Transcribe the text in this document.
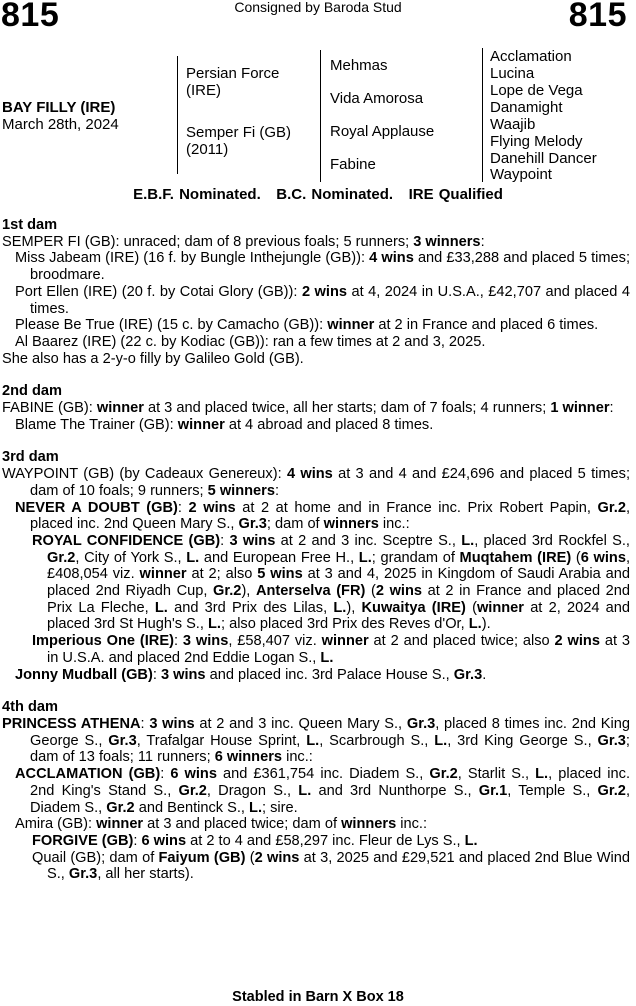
815	Consigned by Baroda Stud	815
BAY FILLY (IRE)
March 28th, 2024
Persian Force (IRE)
Semper Fi (GB) (2011)
Mehmas
Vida Amorosa
Royal Applause
Fabine
Acclamation
Lucina
Lope de Vega
Danamight
Waajib
Flying Melody
Danehill Dancer
Waypoint
E.B.F. Nominated.   B.C. Nominated.   IRE Qualified
1st dam

SEMPER FI (GB): unraced; dam of 8 previous foals; 5 runners; 3 winners:

Miss Jabeam (IRE) (16 f. by Bungle Inthejungle (GB)): 4 wins and £33,288 and placed 5 times; broodmare.

Port Ellen (IRE) (20 f. by Cotai Glory (GB)): 2 wins at 4, 2024 in U.S.A., £42,707 and placed 4 times.

Please Be True (IRE) (15 c. by Camacho (GB)): winner at 2 in France and placed 6 times.

Al Baarez (IRE) (22 c. by Kodiac (GB)): ran a few times at 2 and 3, 2025.

She also has a 2-y-o filly by Galileo Gold (GB).

2nd dam

FABINE (GB): winner at 3 and placed twice, all her starts; dam of 7 foals; 4 runners; 1 winner:

Blame The Trainer (GB): winner at 4 abroad and placed 8 times.

3rd dam

WAYPOINT (GB) (by Cadeaux Genereux): 4 wins at 3 and 4 and £24,696 and placed 5 times; dam of 10 foals; 9 runners; 5 winners:

NEVER A DOUBT (GB): 2 wins at 2 at home and in France inc. Prix Robert Papin, Gr.2, placed inc. 2nd Queen Mary S., Gr.3; dam of winners inc.:

ROYAL CONFIDENCE (GB): 3 wins at 2 and 3 inc. Sceptre S., L., placed 3rd Rockfel S., Gr.2, City of York S., L. and European Free H., L.; grandam of Muqtahem (IRE) (6 wins, £408,054 viz. winner at 2; also 5 wins at 3 and 4, 2025 in Kingdom of Saudi Arabia and placed 2nd Riyadh Cup, Gr.2), Anterselva (FR) (2 wins at 2 in France and placed 2nd Prix La Fleche, L. and 3rd Prix des Lilas, L.), Kuwaitya (IRE) (winner at 2, 2024 and placed 3rd St Hugh's S., L.; also placed 3rd Prix des Reves d'Or, L.).

Imperious One (IRE): 3 wins, £58,407 viz. winner at 2 and placed twice; also 2 wins at 3 in U.S.A. and placed 2nd Eddie Logan S., L.

Jonny Mudball (GB): 3 wins and placed inc. 3rd Palace House S., Gr.3.

4th dam

PRINCESS ATHENA: 3 wins at 2 and 3 inc. Queen Mary S., Gr.3, placed 8 times inc. 2nd King George S., Gr.3, Trafalgar House Sprint, L., Scarbrough S., L., 3rd King George S., Gr.3; dam of 13 foals; 11 runners; 6 winners inc.:

ACCLAMATION (GB): 6 wins and £361,754 inc. Diadem S., Gr.2, Starlit S., L., placed inc. 2nd King's Stand S., Gr.2, Dragon S., L. and 3rd Nunthorpe S., Gr.1, Temple S., Gr.2, Diadem S., Gr.2 and Bentinck S., L.; sire.

Amira (GB): winner at 3 and placed twice; dam of winners inc.:

FORGIVE (GB): 6 wins at 2 to 4 and £58,297 inc. Fleur de Lys S., L.

Quail (GB); dam of Faiyum (GB) (2 wins at 3, 2025 and £29,521 and placed 2nd Blue Wind S., Gr.3, all her starts).

Stabled in Barn X Box 18
